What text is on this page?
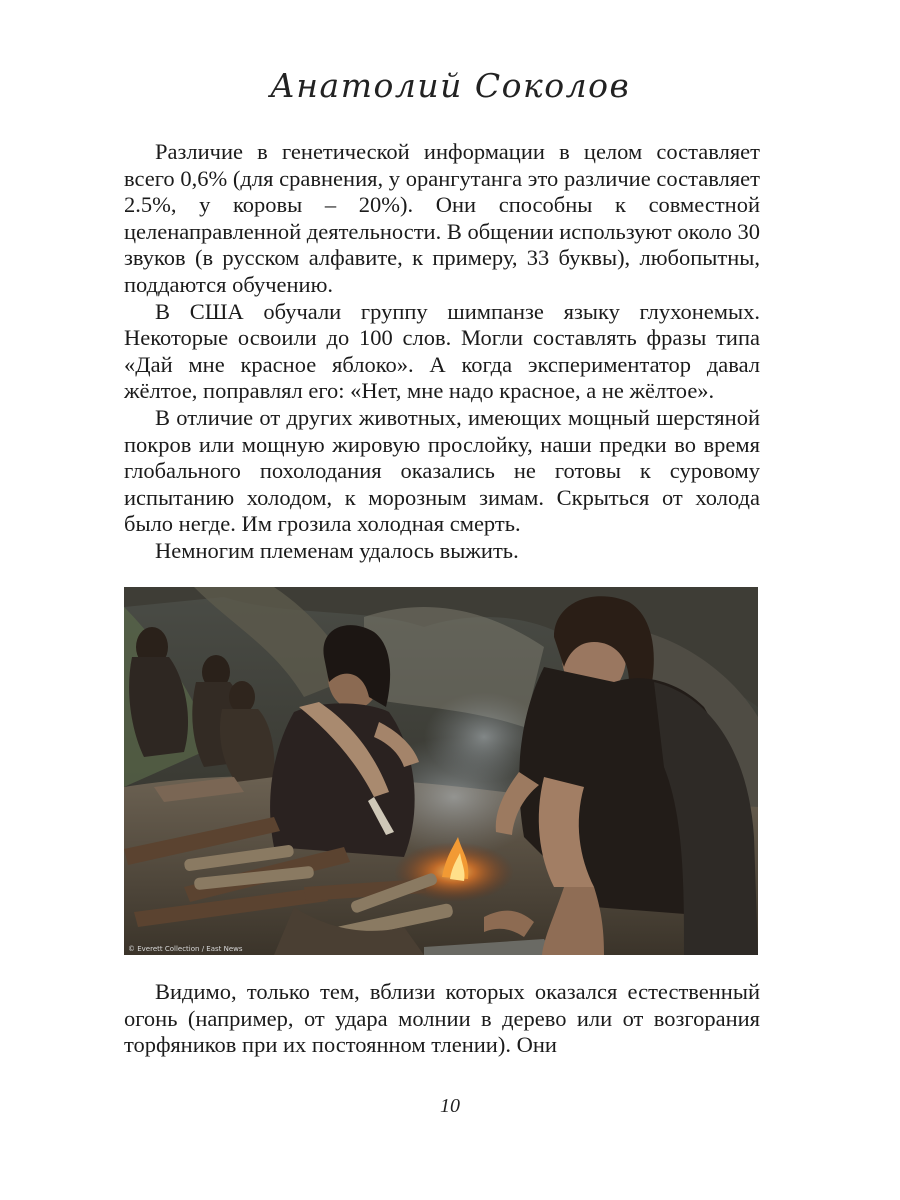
Анатолий Соколов

Различие в генетической информации в целом составляет всего 0,6% (для сравнения, у орангутанга это различие составляет 2.5%, у коровы – 20%). Они способны к совместной целенаправленной деятельности. В общении используют около 30 звуков (в русском алфавите, к примеру, 33 буквы), любопытны, поддаются обучению.

В США обучали группу шимпанзе языку глухонемых. Некоторые освоили до 100 слов. Могли составлять фразы типа «Дай мне красное яблоко». А когда экспериментатор давал жёлтое, поправлял его: «Нет, мне надо красное, а не жёлтое».

В отличие от других животных, имеющих мощный шерстяной покров или мощную жировую прослойку, наши предки во время глобального похолодания оказались не готовы к суровому испытанию холодом, к морозным зимам. Скрыться от холода было негде. Им грозила холодная смерть.

Немногим племенам удалось выжить.

© Everett Collection / East News

Видимо, только тем, вблизи которых оказался естественный огонь (например, от удара молнии в дерево или от возгорания торфяников при их постоянном тлении). Они

10
